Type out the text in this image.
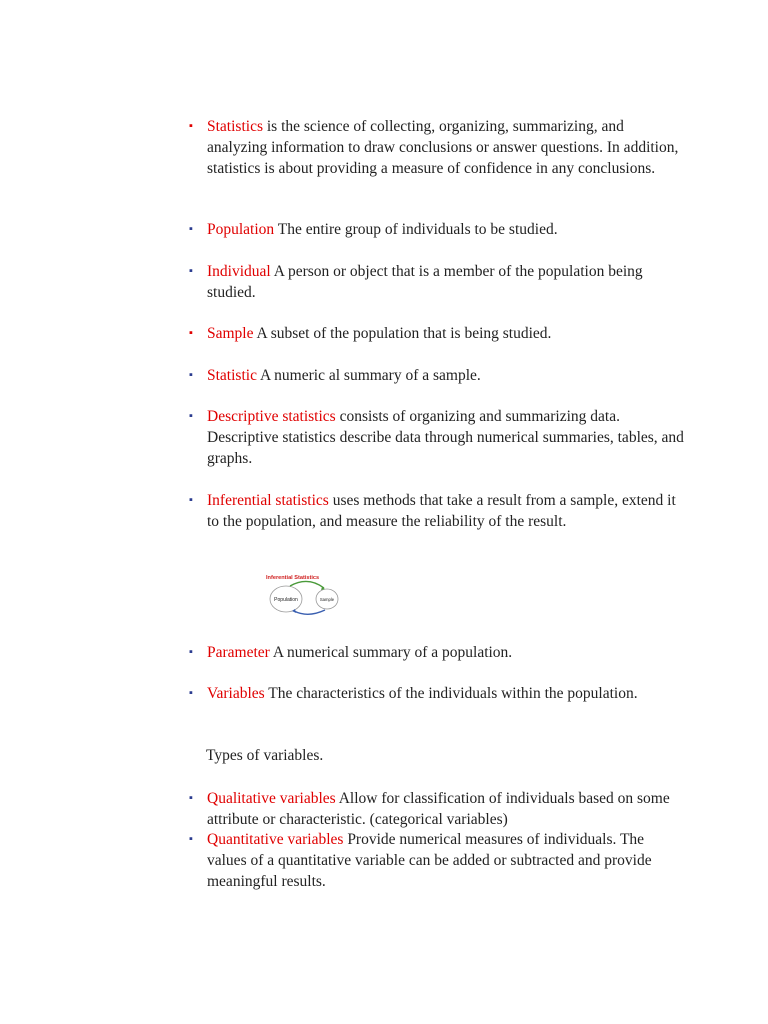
▪ Statistics is the science of collecting, organizing, summarizing, and analyzing information to draw conclusions or answer questions. In addition, statistics is about providing a measure of confidence in any conclusions.
▪ Population The entire group of individuals to be studied.
▪ Individual A person or object that is a member of the population being studied.
▪ Sample A subset of the population that is being studied.
▪ Statistic A numeric al summary of a sample.
▪ Descriptive statistics consists of organizing and summarizing data. Descriptive statistics describe data through numerical summaries, tables, and graphs.
▪ Inferential statistics uses methods that take a result from a sample, extend it to the population, and measure the reliability of the result.
Inferential Statistics
Population	Sample
▪ Parameter A numerical summary of a population.
▪ Variables The characteristics of the individuals within the population.
Types of variables.
▪ Qualitative variables Allow for classification of individuals based on some attribute or characteristic. (categorical variables)
▪ Quantitative variables Provide numerical measures of individuals. The values of a quantitative variable can be added or subtracted and provide meaningful results.
